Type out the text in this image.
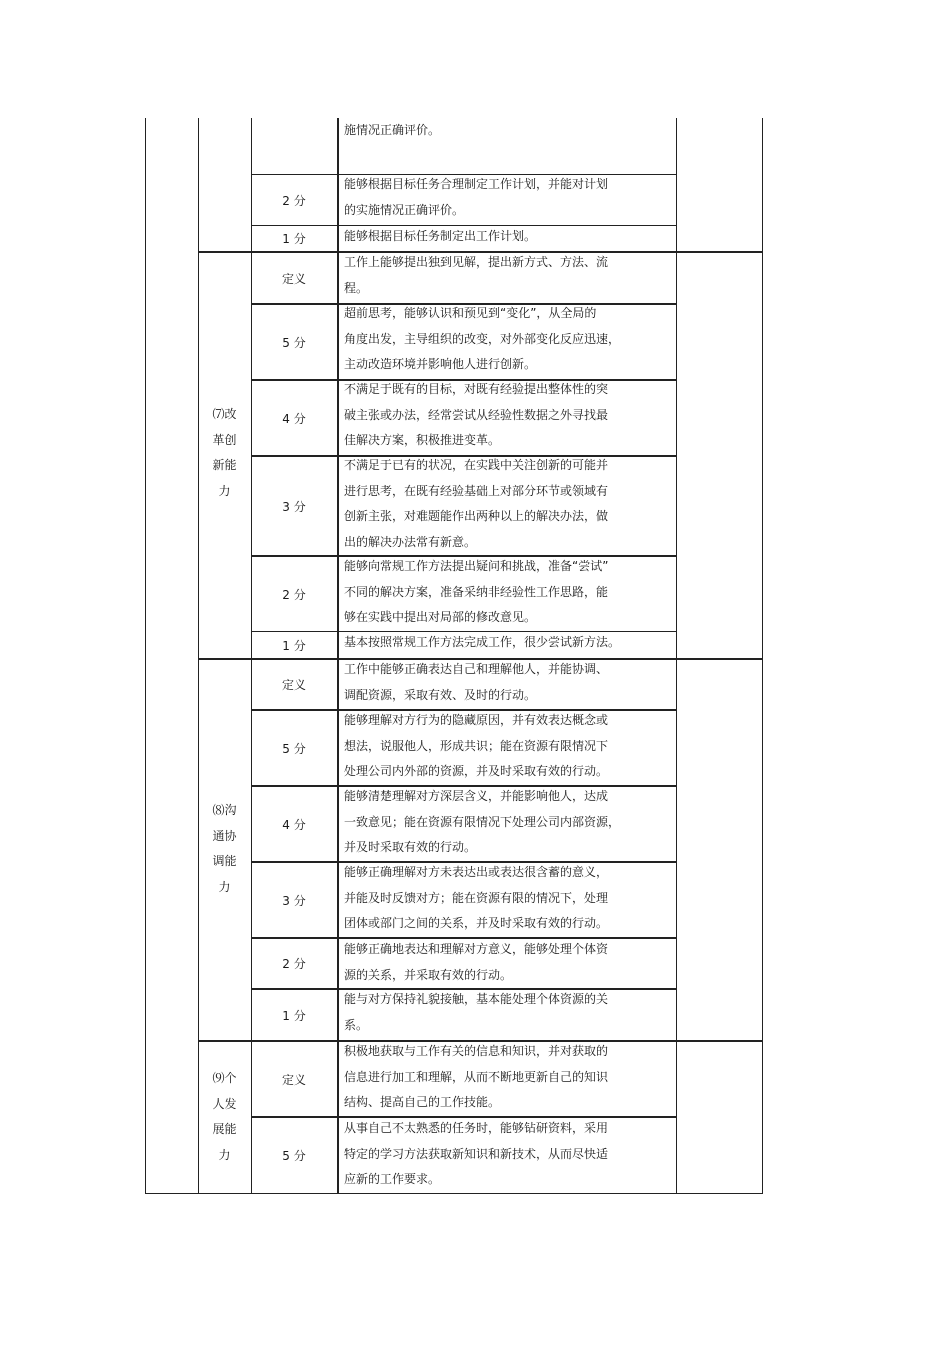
施情况正确评价。
2 分
能够根据目标任务合理制定工作计划，并能对计划
的实施情况正确评价。
1 分	能够根据目标任务制定出工作计划。
⑺改
革创
新能
力
定义
工作上能够提出独到见解，提出新方式、方法、流
程。
5 分
超前思考，能够认识和预见到“变化”，从全局的
角度出发，主导组织的改变，对外部变化反应迅速，
主动改造环境并影响他人进行创新。
4 分
不满足于既有的目标，对既有经验提出整体性的突
破主张或办法，经常尝试从经验性数据之外寻找最
佳解决方案，积极推进变革。
3 分
不满足于已有的状况，在实践中关注创新的可能并
进行思考，在既有经验基础上对部分环节或领域有
创新主张，对难题能作出两种以上的解决办法，做
出的解决办法常有新意。
2 分
能够向常规工作方法提出疑问和挑战，准备“尝试”
不同的解决方案，准备采纳非经验性工作思路，能
够在实践中提出对局部的修改意见。
1 分	基本按照常规工作方法完成工作，很少尝试新方法。
⑻沟
通协
调能
力
定义
工作中能够正确表达自己和理解他人，并能协调、
调配资源，采取有效、及时的行动。
5 分
能够理解对方行为的隐藏原因，并有效表达概念或
想法，说服他人，形成共识；能在资源有限情况下
处理公司内外部的资源，并及时采取有效的行动。
4 分
能够清楚理解对方深层含义，并能影响他人，达成
一致意见；能在资源有限情况下处理公司内部资源，
并及时采取有效的行动。
3 分
能够正确理解对方未表达出或表达很含蓄的意义，
并能及时反馈对方；能在资源有限的情况下，处理
团体或部门之间的关系，并及时采取有效的行动。
2 分
能够正确地表达和理解对方意义，能够处理个体资
源的关系，并采取有效的行动。
1 分
能与对方保持礼貌接触，基本能处理个体资源的关
系。
⑼个
人发
展能
力
定义
积极地获取与工作有关的信息和知识，并对获取的
信息进行加工和理解，从而不断地更新自己的知识
结构、提高自己的工作技能。
5 分
从事自己不太熟悉的任务时，能够钻研资料，采用
特定的学习方法获取新知识和新技术，从而尽快适
应新的工作要求。
